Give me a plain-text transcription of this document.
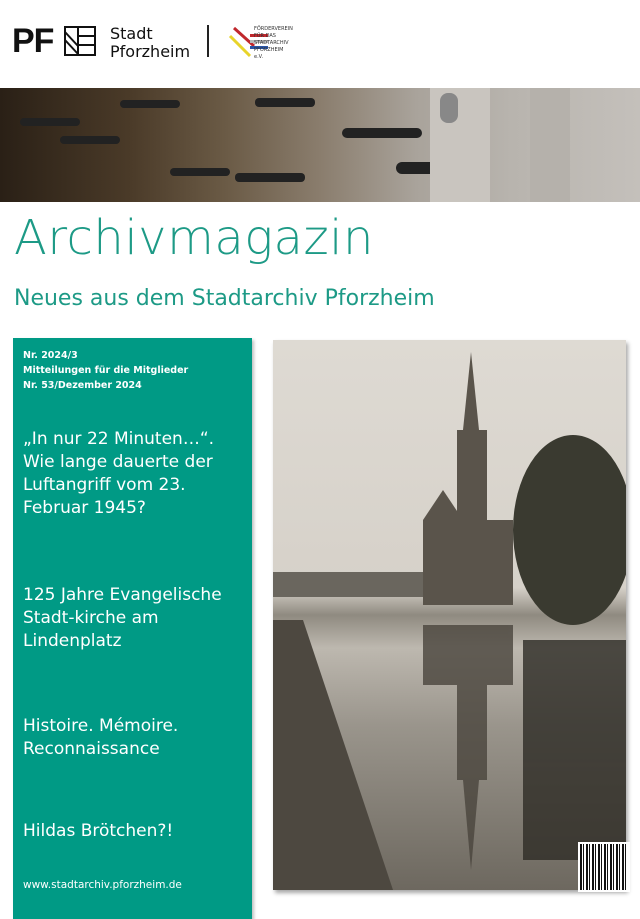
PF	Stadt
Pforzheim
FÖRDERVEREIN FÜR DAS STADTARCHIV PFORZHEIM e.V.
Archivmagazin
Neues aus dem Stadtarchiv Pforzheim
Nr. 2024/3
Mitteilungen für die Mitglieder
Nr. 53/Dezember 2024
„In nur 22 Minuten…“. Wie lange dauerte der Luftangriff vom 23. Februar 1945?
125 Jahre Evangelische Stadt-kirche am Lindenplatz
Histoire. Mémoire. Reconnaissance
Hildas Brötchen?!
www.stadtarchiv.pforzheim.de
